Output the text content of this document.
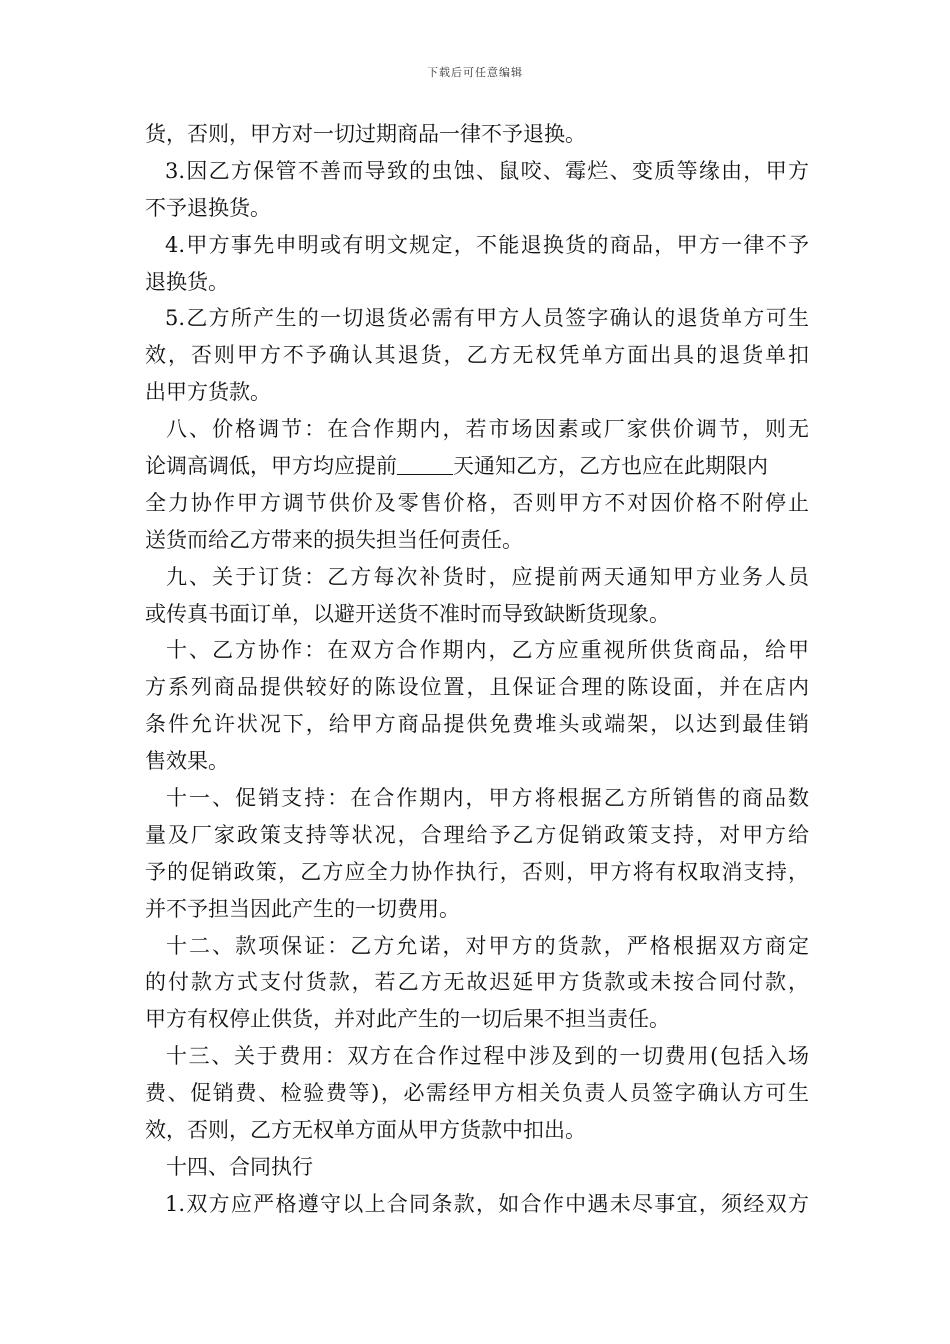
下载后可任意编辑
货，否则，甲方对一切过期商品一律不予退换。
3.因乙方保管不善而导致的虫蚀、鼠咬、霉烂、变质等缘由，甲方
不予退换货。
4.甲方事先申明或有明文规定，不能退换货的商品，甲方一律不予
退换货。
5.乙方所产生的一切退货必需有甲方人员签字确认的退货单方可生
效，否则甲方不予确认其退货，乙方无权凭单方面出具的退货单扣
出甲方货款。
八、价格调节：在合作期内，若市场因素或厂家供价调节，则无
论调高调低，甲方均应提前	天通知乙方，乙方也应在此期限内
全力协作甲方调节供价及零售价格，否则甲方不对因价格不附停止
送货而给乙方带来的损失担当任何责任。
九、关于订货：乙方每次补货时，应提前两天通知甲方业务人员
或传真书面订单，以避开送货不准时而导致缺断货现象。
十、乙方协作：在双方合作期内，乙方应重视所供货商品，给甲
方系列商品提供较好的陈设位置，且保证合理的陈设面，并在店内
条件允许状况下，给甲方商品提供免费堆头或端架，以达到最佳销
售效果。
十一、促销支持：在合作期内，甲方将根据乙方所销售的商品数
量及厂家政策支持等状况，合理给予乙方促销政策支持，对甲方给
予的促销政策，乙方应全力协作执行，否则，甲方将有权取消支持，
并不予担当因此产生的一切费用。
十二、款项保证：乙方允诺，对甲方的货款，严格根据双方商定
的付款方式支付货款，若乙方无故迟延甲方货款或未按合同付款，
甲方有权停止供货，并对此产生的一切后果不担当责任。
十三、关于费用：双方在合作过程中涉及到的一切费用(包括入场
费、促销费、检验费等)，必需经甲方相关负责人员签字确认方可生
效，否则，乙方无权单方面从甲方货款中扣出。
十四、合同执行
1.双方应严格遵守以上合同条款，如合作中遇未尽事宜，须经双方
